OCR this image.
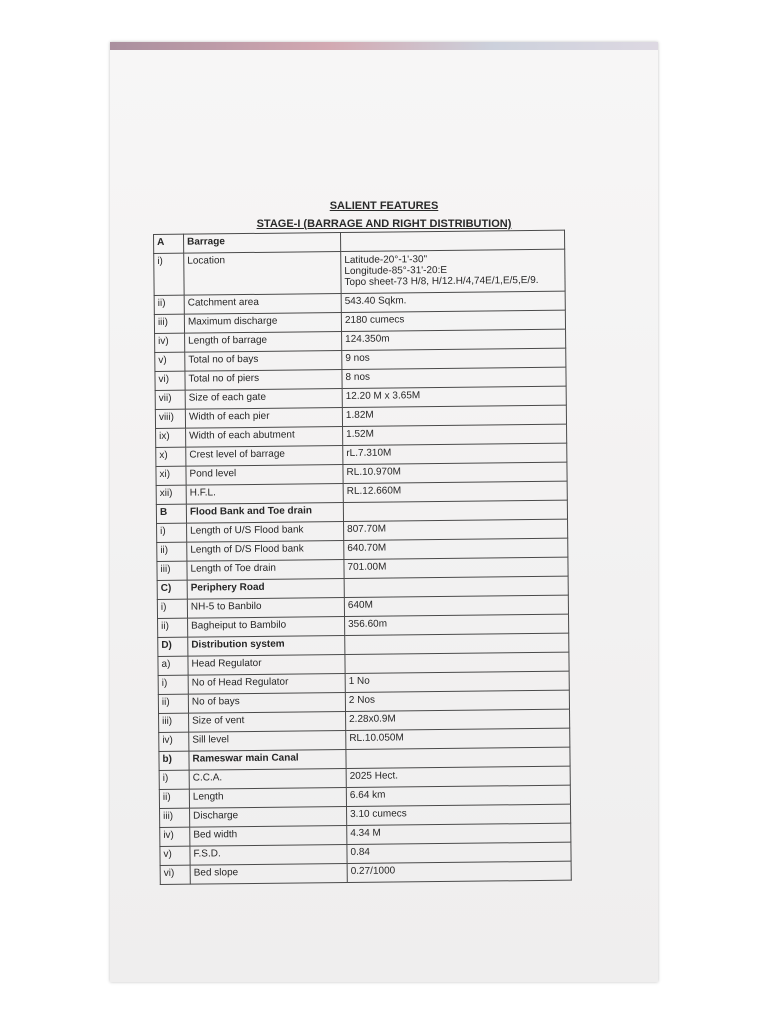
SALIENT FEATURES
STAGE-I (BARRAGE AND RIGHT DISTRIBUTION)
A	Barrage	
i)	Location	Latitude-20°-1'-30"
Longitude-85°-31'-20:E
Topo sheet-73 H/8, H/12.H/4,74E/1,E/5,E/9.

ii)	Catchment area	543.40 Sqkm.
iii)	Maximum discharge	2180 cumecs
iv)	Length of barrage	124.350m
v)	Total no of bays	9 nos
vi)	Total no of piers	8 nos
vii)	Size of each gate	12.20 M x 3.65M
viii)	Width of each pier	1.82M
ix)	Width of each abutment	1.52M
x)	Crest level of barrage	rL.7.310M
xi)	Pond level	RL.10.970M
xii)	H.F.L.	RL.12.660M
B	Flood Bank and Toe drain	
i)	Length of U/S Flood bank	807.70M
ii)	Length of D/S Flood bank	640.70M
iii)	Length of Toe drain	701.00M
C)	Periphery Road	
i)	NH-5 to Banbilo	640M
ii)	Bagheiput to Bambilo	356.60m
D)	Distribution system	
a)	Head Regulator	
i)	No of Head Regulator	1 No
ii)	No of bays	2 Nos
iii)	Size of vent	2.28x0.9M
iv)	Sill level	RL.10.050M
b)	Rameswar main Canal	
i)	C.C.A.	2025 Hect.
ii)	Length	6.64 km
iii)	Discharge	3.10 cumecs
iv)	Bed width	4.34 M
v)	F.S.D.	0.84
vi)	Bed slope	0.27/1000
